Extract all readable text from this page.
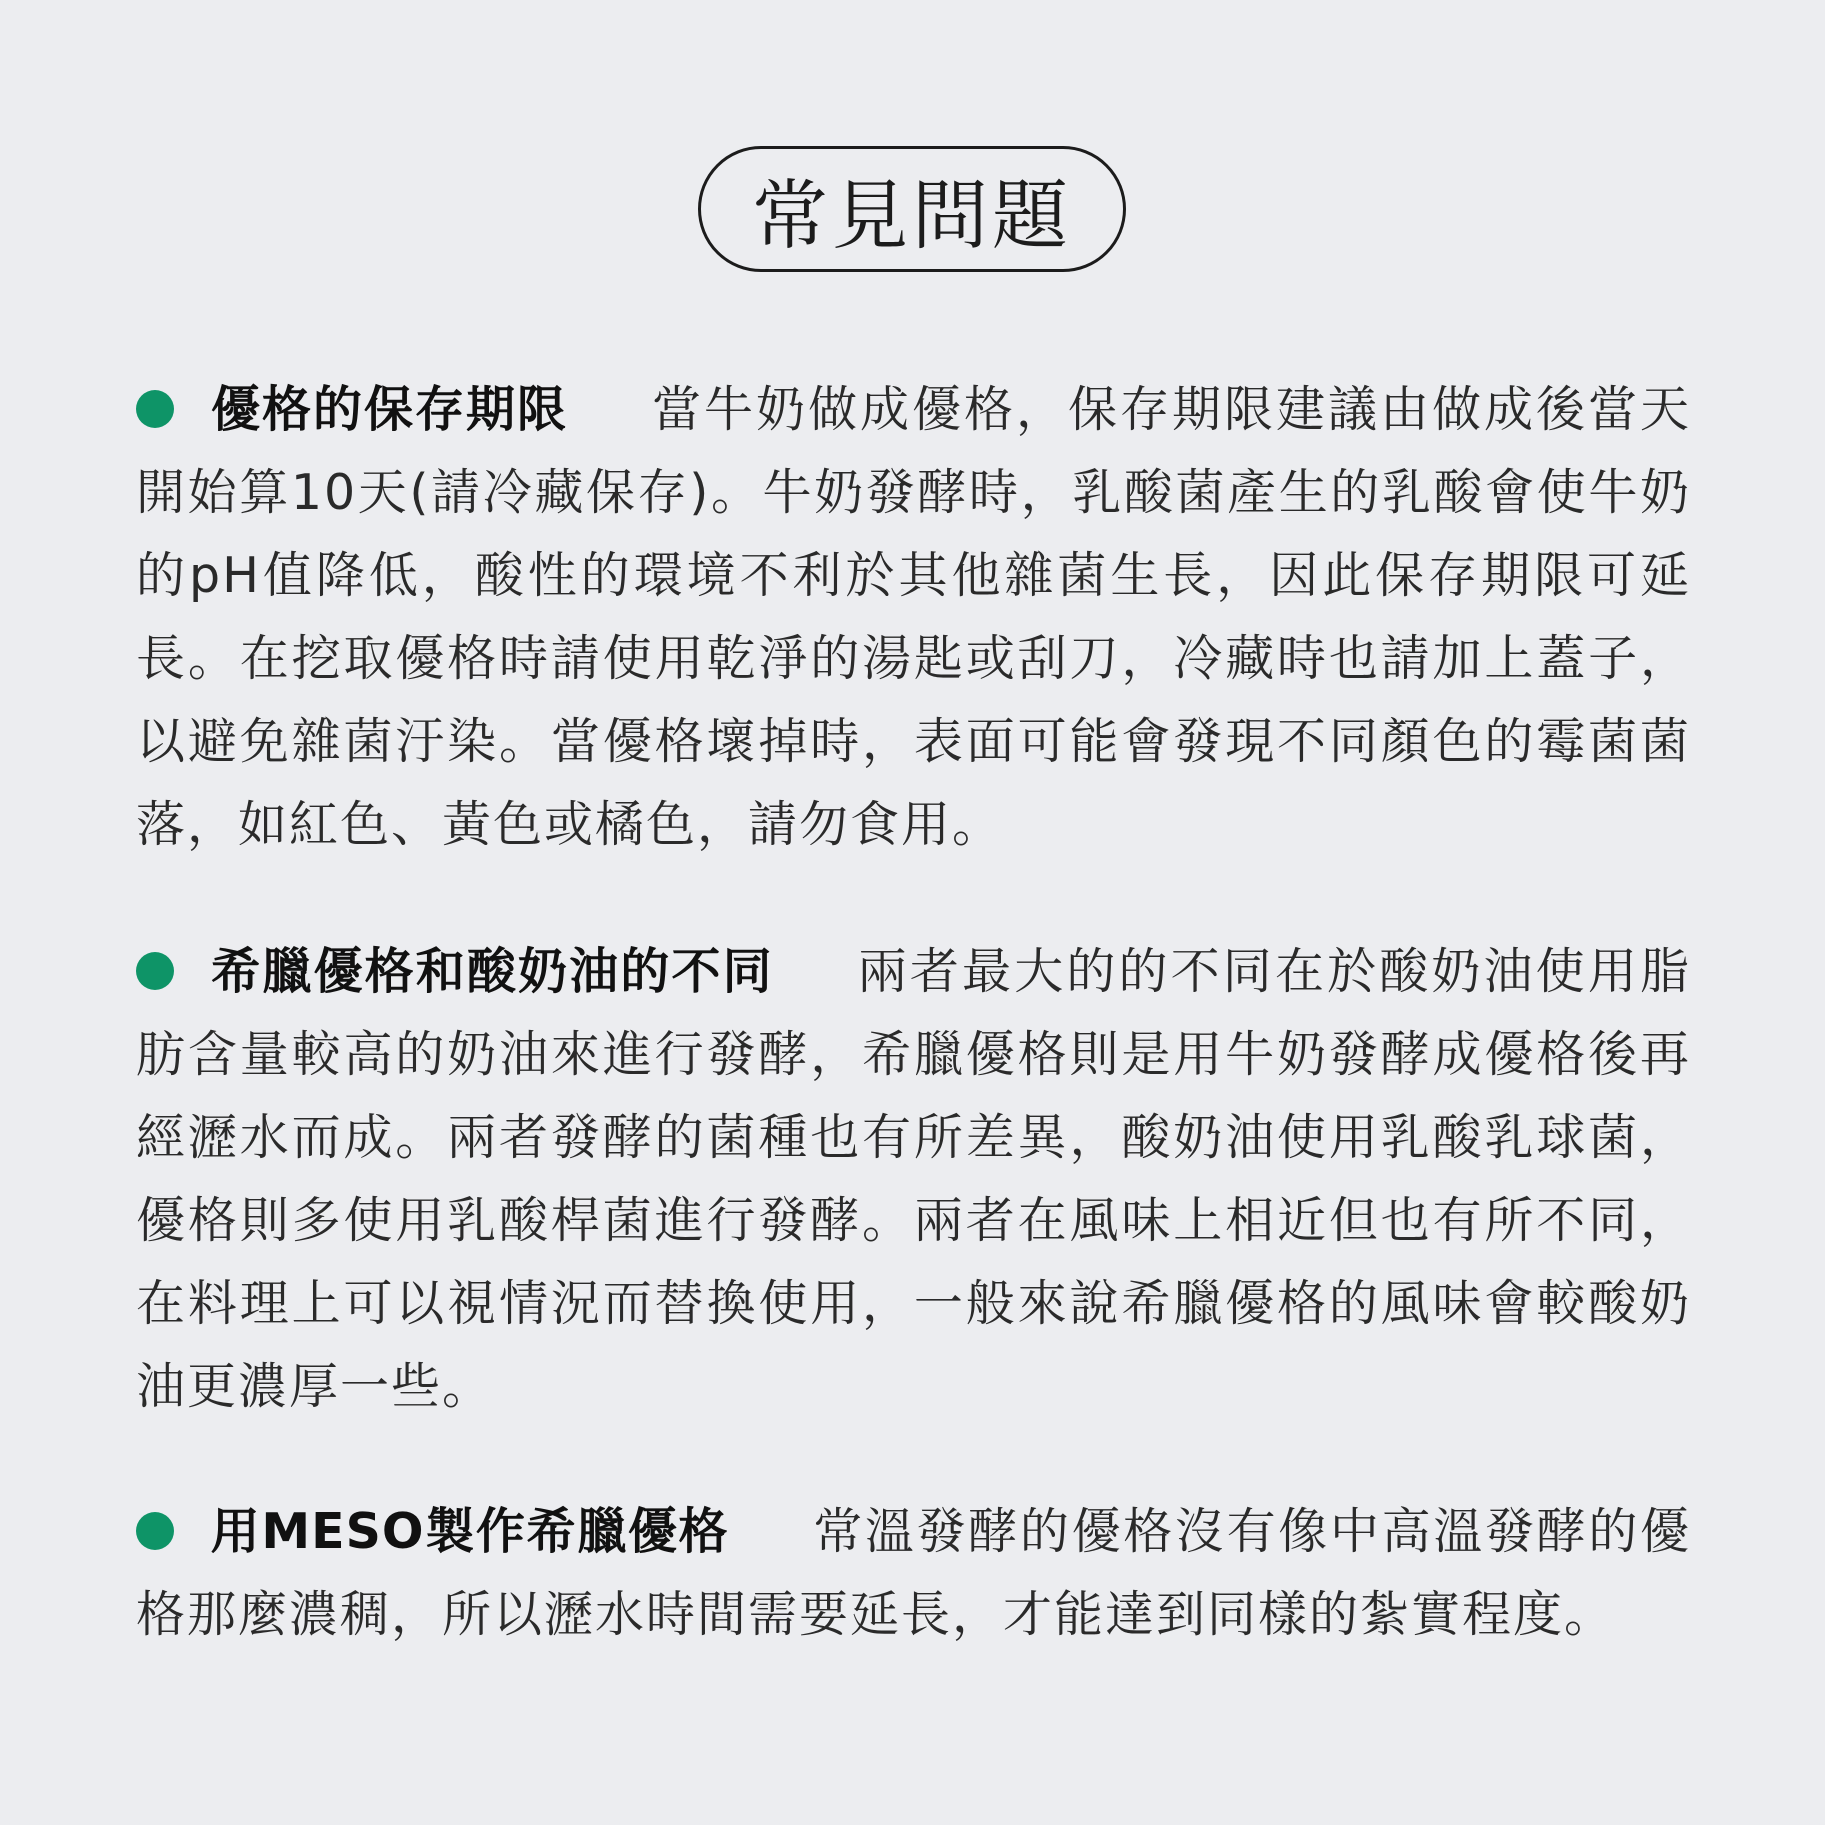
常見問題
優格的保存期限 當牛奶做成優格，保存期限建議由做成後當天開始算10天(請冷藏保存)。牛奶發酵時，乳酸菌產生的乳酸會使牛奶的pH值降低，酸性的環境不利於其他雜菌生長，因此保存期限可延長。在挖取優格時請使用乾淨的湯匙或刮刀，冷藏時也請加上蓋子，以避免雜菌汙染。當優格壞掉時，表面可能會發現不同顏色的霉菌菌落，如紅色、黃色或橘色，請勿食用。
希臘優格和酸奶油的不同 兩者最大的的不同在於酸奶油使用脂肪含量較高的奶油來進行發酵，希臘優格則是用牛奶發酵成優格後再經瀝水而成。兩者發酵的菌種也有所差異，酸奶油使用乳酸乳球菌，優格則多使用乳酸桿菌進行發酵。兩者在風味上相近但也有所不同，在料理上可以視情況而替換使用，一般來說希臘優格的風味會較酸奶油更濃厚一些。
用MESO製作希臘優格 常溫發酵的優格沒有像中高溫發酵的優格那麼濃稠，所以瀝水時間需要延長，才能達到同樣的紮實程度。
